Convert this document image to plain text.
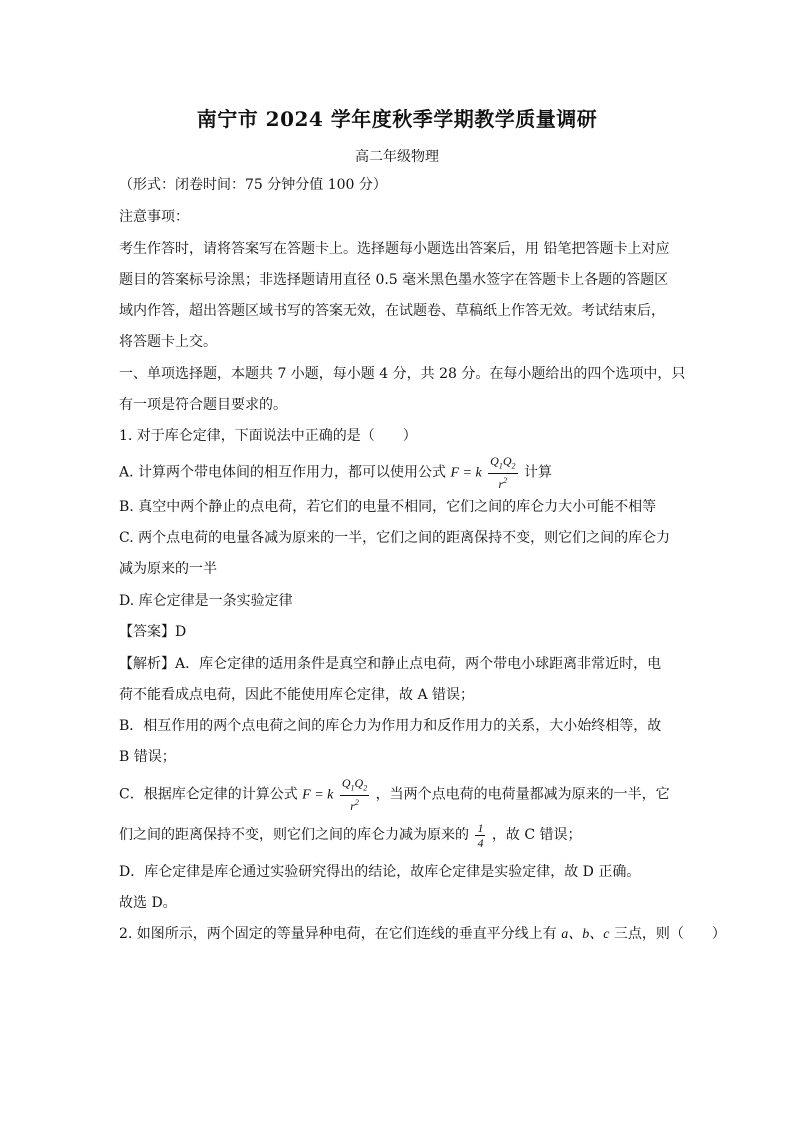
南宁市 2024 学年度秋季学期教学质量调研
高二年级物理
（形式：闭卷时间：75 分钟分值 100 分）
注意事项：
考生作答时，请将答案写在答题卡上。选择题每小题选出答案后，用 铅笔把答题卡上对应
题目的答案标号涂黑；非选择题请用直径 0.5 毫米黑色墨水签字在答题卡上各题的答题区
域内作答，超出答题区域书写的答案无效，在试题卷、草稿纸上作答无效。考试结束后，
将答题卡上交。
一、单项选择题，本题共 7 小题，每小题 4 分，共 28 分。在每小题给出的四个选项中，只
有一项是符合题目要求的。
1. 对于库仑定律，下面说法中正确的是（　　）
A. 计算两个带电体间的相互作用力，都可以使用公式 F = k $\frac{Q_1Q_2}{r^2}$ 计算
B. 真空中两个静止的点电荷，若它们的电量不相同，它们之间的库仑力大小可能不相等
C. 两个点电荷的电量各减为原来的一半，它们之间的距离保持不变，则它们之间的库仑力
减为原来的一半
D. 库仑定律是一条实验定律
【答案】D
【解析】A．库仑定律的适用条件是真空和静止点电荷，两个带电小球距离非常近时，电
荷不能看成点电荷，因此不能使用库仑定律，故 A 错误；
B．相互作用的两个点电荷之间的库仑力为作用力和反作用力的关系，大小始终相等，故
B 错误；
C．根据库仑定律的计算公式 F = k $\frac{Q_1Q_2}{r^2}$ ，当两个点电荷的电荷量都减为原来的一半，它
们之间的距离保持不变，则它们之间的库仑力减为原来的 $\frac{1}{4}$ ，故 C 错误；
D．库仑定律是库仑通过实验研究得出的结论，故库仑定律是实验定律，故 D 正确。
故选 D。
2. 如图所示，两个固定的等量异种电荷，在它们连线的垂直平分线上有 a、b、c 三点，则（　　）
